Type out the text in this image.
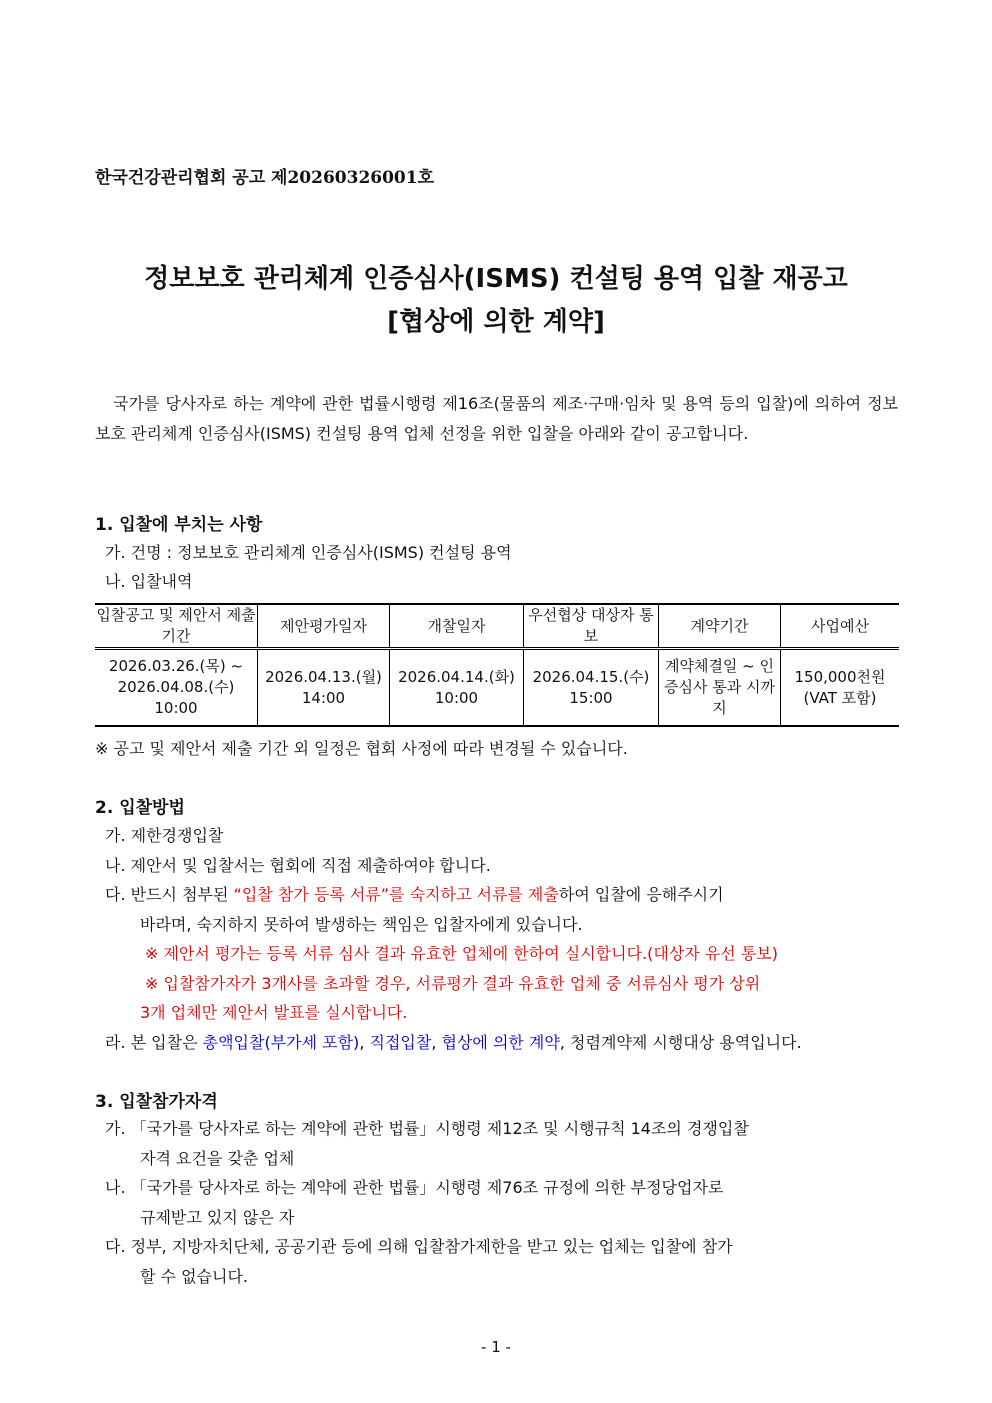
한국건강관리협회 공고 제20260326001호
정보보호 관리체계 인증심사(ISMS) 컨설팅 용역 입찰 재공고
[협상에 의한 계약]
국가를 당사자로 하는 계약에 관한 법률시행령 제16조(물품의 제조·구매·임차 및 용역 등의 입찰)에 의하여 정보보호 관리체계 인증심사(ISMS) 컨설팅 용역 업체 선정을 위한 입찰을 아래와 같이 공고합니다.
1. 입찰에 부치는 사항
가. 건명 : 정보보호 관리체계 인증심사(ISMS) 컨설팅 용역
나. 입찰내역
입찰공고 및 제안서 제출 기간	제안평가일자	개찰일자	우선협상 대상자 통보	계약기간	사업예산
2026.03.26.(목) ~ 2026.04.08.(수) 10:00	2026.04.13.(월) 14:00	2026.04.14.(화) 10:00	2026.04.15.(수) 15:00	계약체결일 ~ 인증심사 통과 시까지	150,000천원 (VAT 포함)
※ 공고 및 제안서 제출 기간 외 일정은 협회 사정에 따라 변경될 수 있습니다.
2. 입찰방법
가. 제한경쟁입찰
나. 제안서 및 입찰서는 협회에 직접 제출하여야 합니다.
다. 반드시 첨부된 “입찰 참가 등록 서류”를 숙지하고 서류를 제출하여 입찰에 응해주시기
바라며, 숙지하지 못하여 발생하는 책임은 입찰자에게 있습니다.
※ 제안서 평가는 등록 서류 심사 결과 유효한 업체에 한하여 실시합니다.(대상자 유선 통보)
※ 입찰참가자가 3개사를 초과할 경우, 서류평가 결과 유효한 업체 중 서류심사 평가 상위
3개 업체만 제안서 발표를 실시합니다.
라. 본 입찰은 총액입찰(부가세 포함), 직접입찰, 협상에 의한 계약, 청렴계약제 시행대상 용역입니다.
3. 입찰참가자격
가. 「국가를 당사자로 하는 계약에 관한 법률」시행령 제12조 및 시행규칙 14조의 경쟁입찰
자격 요건을 갖춘 업체
나. 「국가를 당사자로 하는 계약에 관한 법률」시행령 제76조 규정에 의한 부정당업자로
규제받고 있지 않은 자
다. 정부, 지방자치단체, 공공기관 등에 의해 입찰참가제한을 받고 있는 업체는 입찰에 참가
할 수 없습니다.
- 1 -
